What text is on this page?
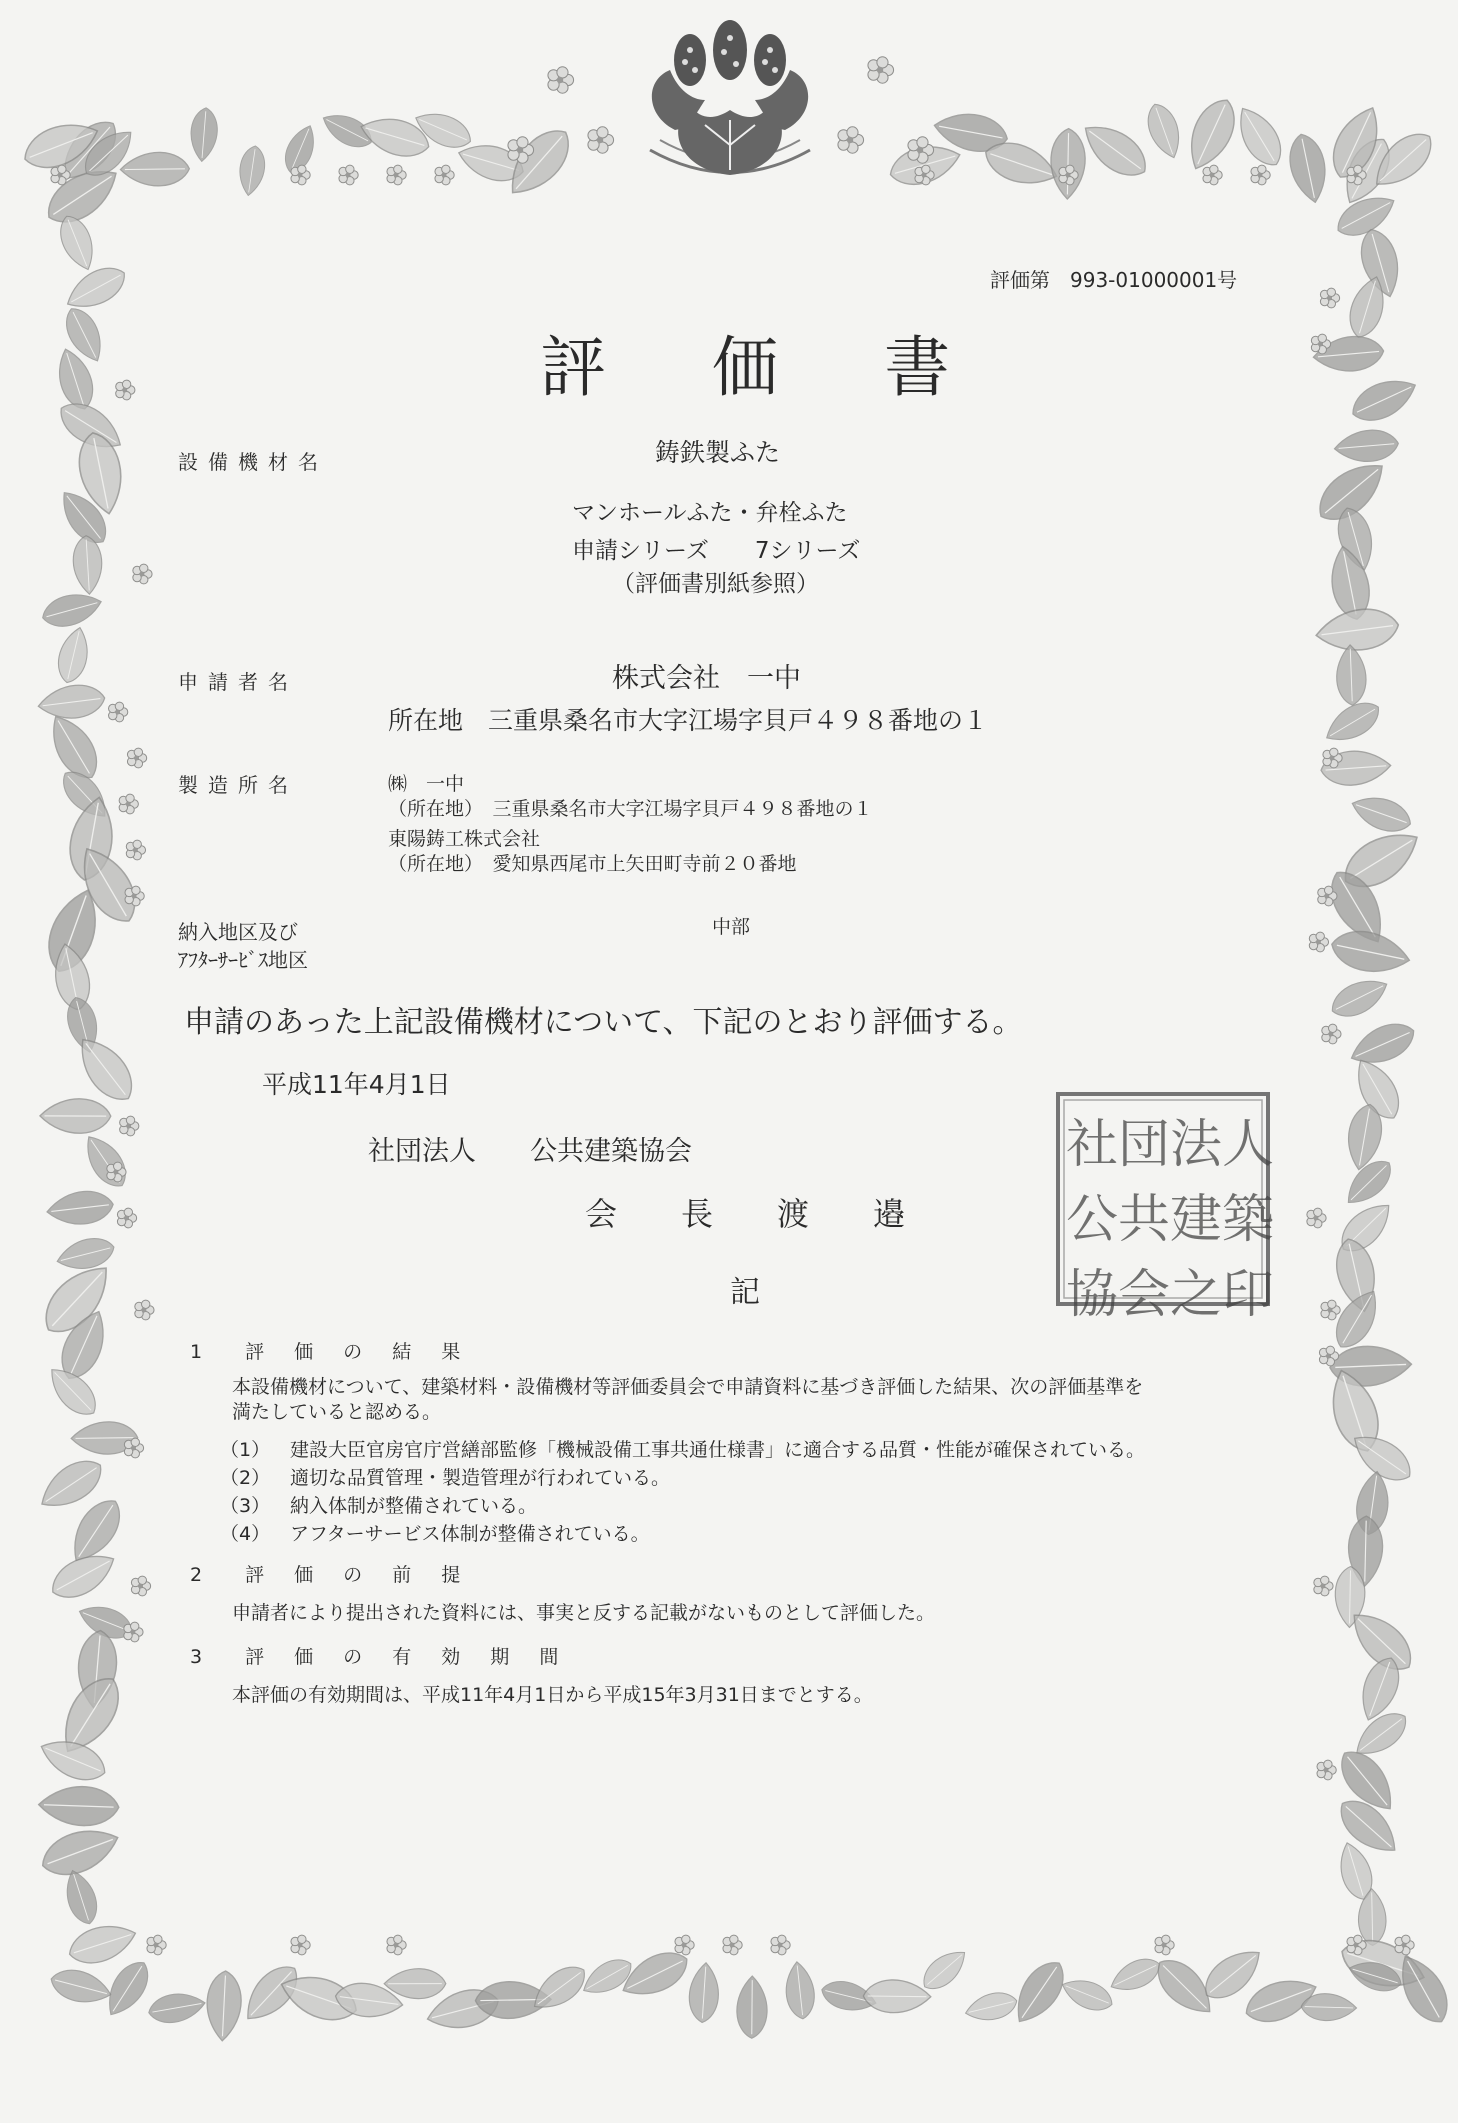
評価第　993-01000001号
評　価　書
設備機材名	鋳鉄製ふた
マンホールふた・弁栓ふた
申請シリーズ　　7シリーズ
（評価書別紙参照）
申請者名	株式会社　一中
所在地　三重県桑名市大字江場字貝戸４９８番地の１
製造所名	㈱　一中
（所在地）　三重県桑名市大字江場字貝戸４９８番地の１
東陽鋳工株式会社
（所在地）　愛知県西尾市上矢田町寺前２０番地
納入地区及び
ｱﾌﾀｰｻｰﾋﾞｽ地区
中部
申請のあった上記設備機材について、下記のとおり評価する。
平成11年4月1日
社団法人　　公共建築協会
会　　長　　渡　　邉
社 団 法 人
公 共 建 築
協 会 之 印
記
1　評 価 の 結 果
本設備機材について、建築材料・設備機材等評価委員会で申請資料に基づき評価した結果、次の評価基準を
満たしていると認める。
（1） 建設大臣官房官庁営繕部監修「機械設備工事共通仕様書」に適合する品質・性能が確保されている。
（2） 適切な品質管理・製造管理が行われている。
（3） 納入体制が整備されている。
（4） アフターサービス体制が整備されている。
2　評 価 の 前 提
申請者により提出された資料には、事実と反する記載がないものとして評価した。
3　評 価 の 有 効 期 間
本評価の有効期間は、平成11年4月1日から平成15年3月31日までとする。
